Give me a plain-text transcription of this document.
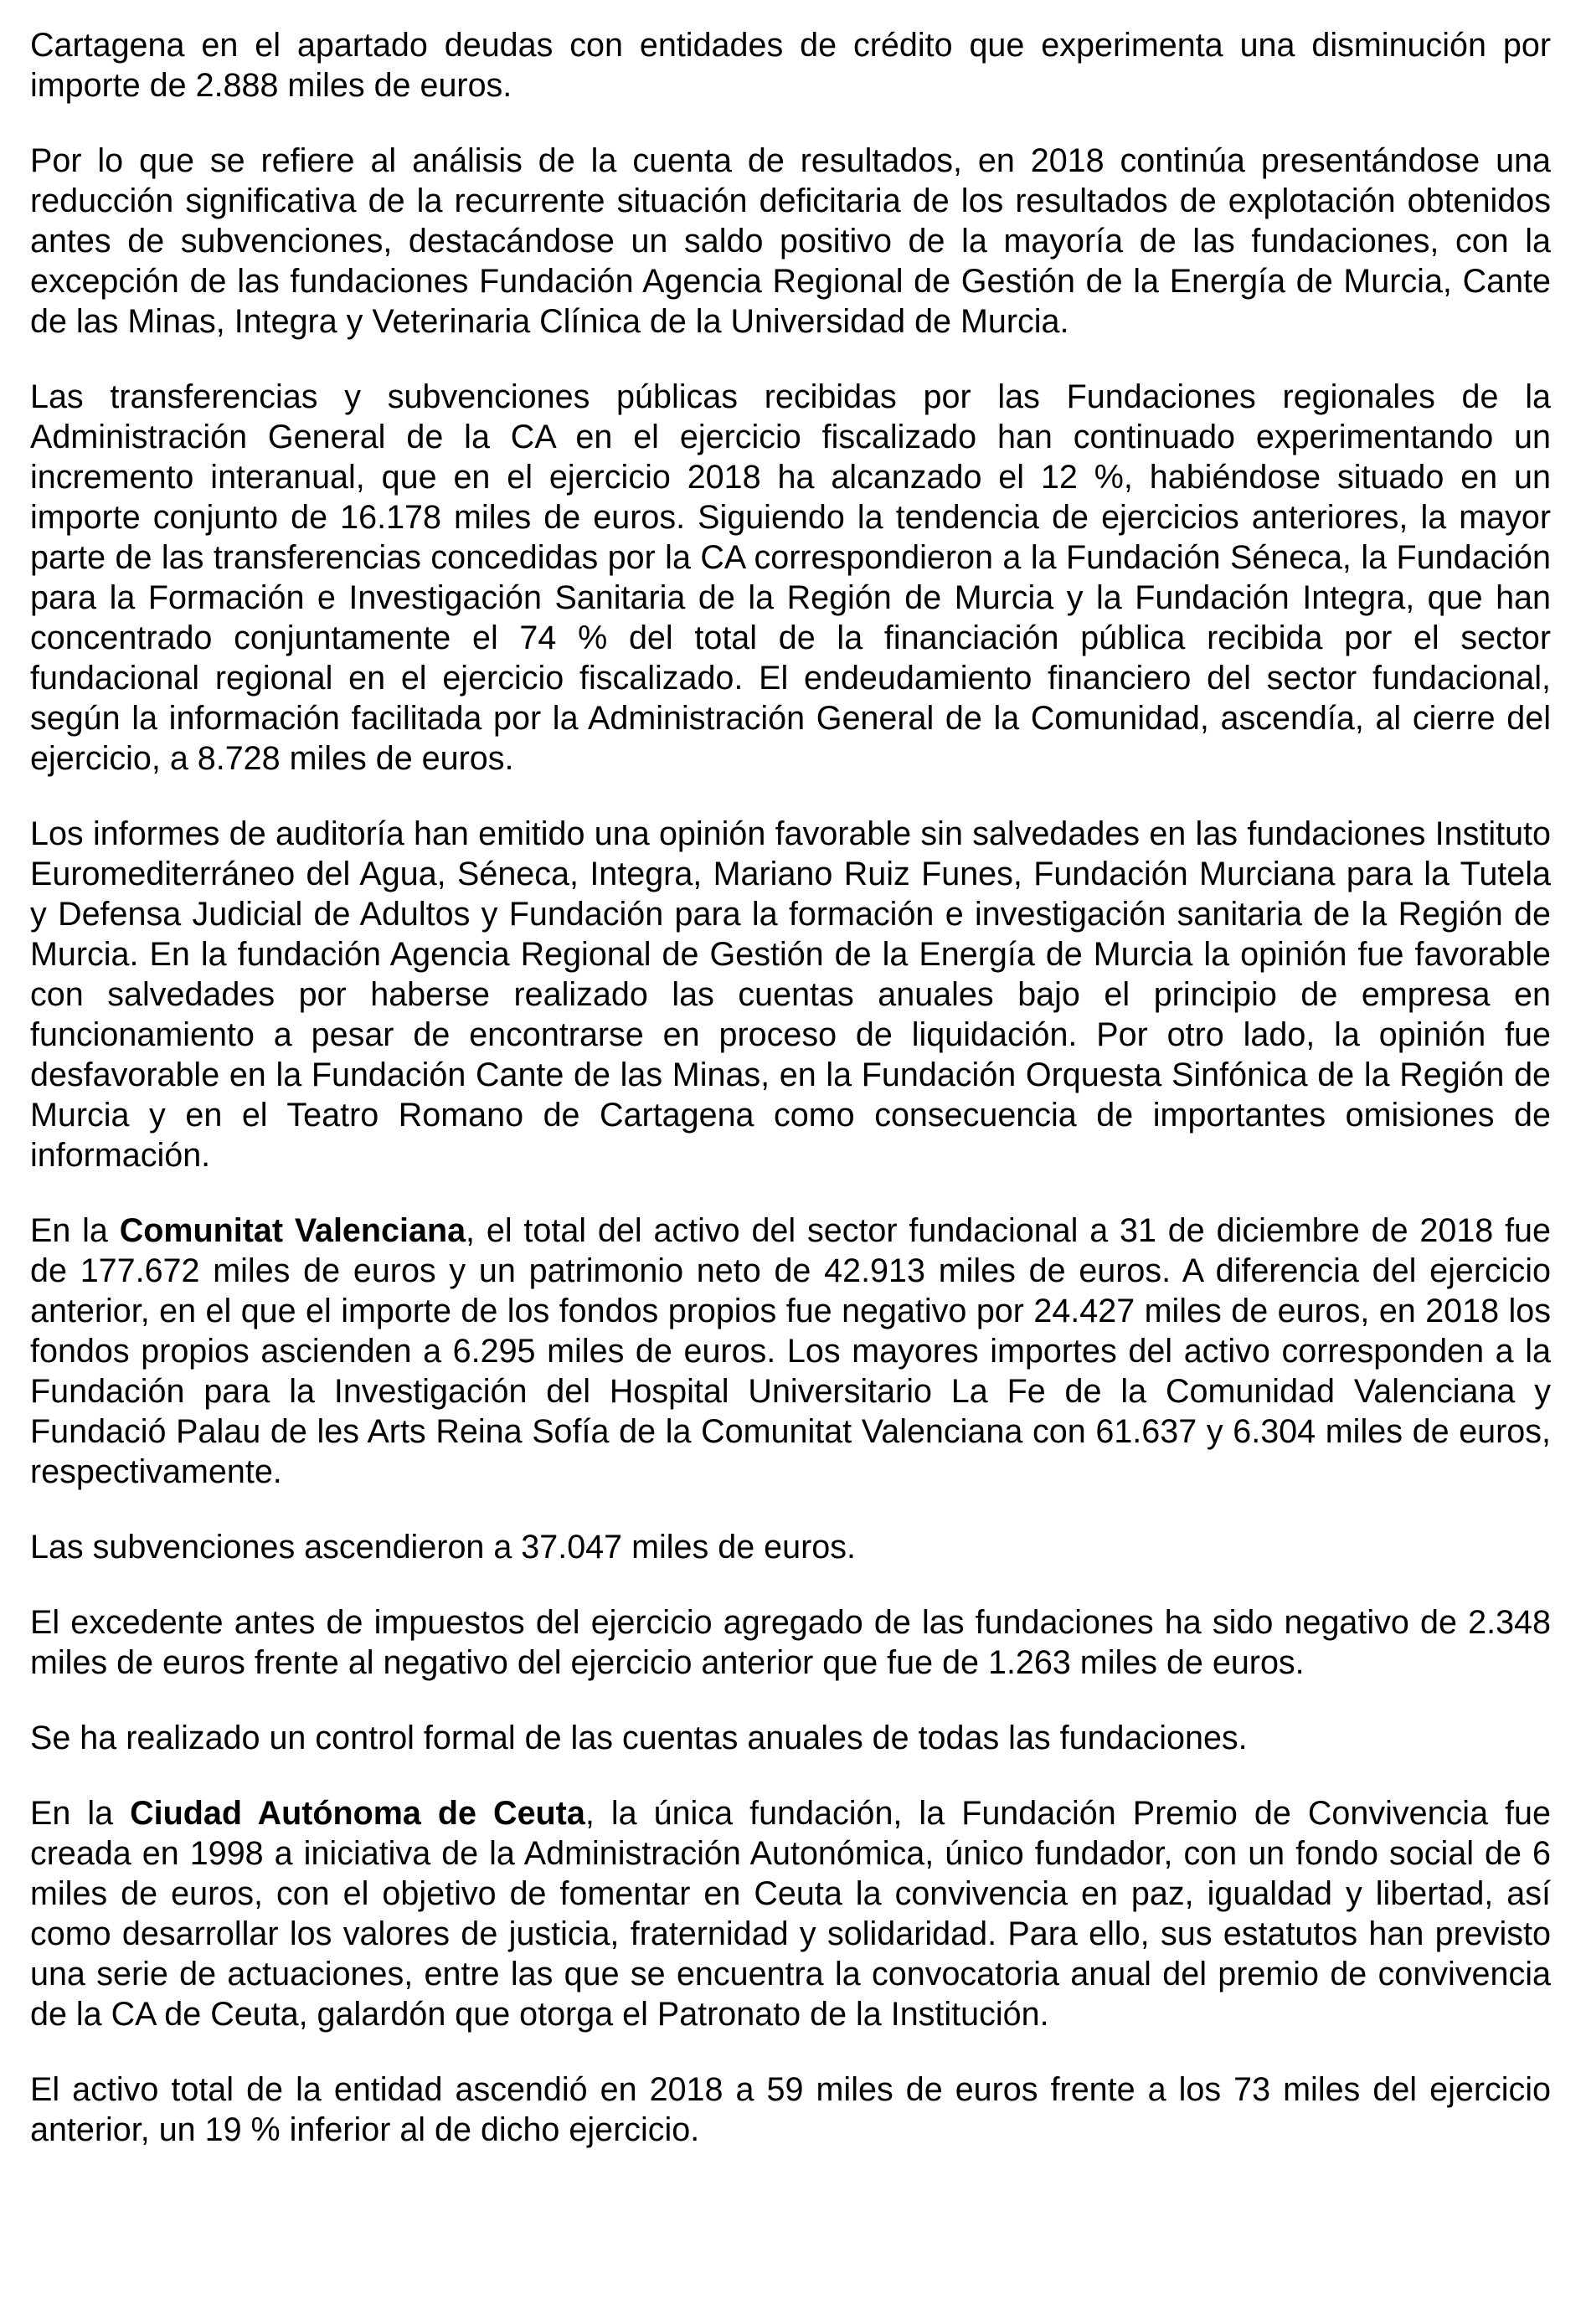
Cartagena en el apartado deudas con entidades de crédito que experimenta una disminución por importe de 2.888 miles de euros.

Por lo que se refiere al análisis de la cuenta de resultados, en 2018 continúa presentándose una reducción significativa de la recurrente situación deficitaria de los resultados de explotación obtenidos antes de subvenciones, destacándose un saldo positivo de la mayoría de las fundaciones, con la excepción de las fundaciones Fundación Agencia Regional de Gestión de la Energía de Murcia, Cante de las Minas, Integra y Veterinaria Clínica de la Universidad de Murcia.

Las transferencias y subvenciones públicas recibidas por las Fundaciones regionales de la Administración General de la CA en el ejercicio fiscalizado han continuado experimentando un incremento interanual, que en el ejercicio 2018 ha alcanzado el 12 %, habiéndose situado en un importe conjunto de 16.178 miles de euros. Siguiendo la tendencia de ejercicios anteriores, la mayor parte de las transferencias concedidas por la CA correspondieron a la Fundación Séneca, la Fundación para la Formación e Investigación Sanitaria de la Región de Murcia y la Fundación Integra, que han concentrado conjuntamente el 74 % del total de la financiación pública recibida por el sector fundacional regional en el ejercicio fiscalizado. El endeudamiento financiero del sector fundacional, según la información facilitada por la Administración General de la Comunidad, ascendía, al cierre del ejercicio, a 8.728 miles de euros.

Los informes de auditoría han emitido una opinión favorable sin salvedades en las fundaciones Instituto Euromediterráneo del Agua, Séneca, Integra, Mariano Ruiz Funes, Fundación Murciana para la Tutela y Defensa Judicial de Adultos y Fundación para la formación e investigación sanitaria de la Región de Murcia. En la fundación Agencia Regional de Gestión de la Energía de Murcia la opinión fue favorable con salvedades por haberse realizado las cuentas anuales bajo el principio de empresa en funcionamiento a pesar de encontrarse en proceso de liquidación. Por otro lado, la opinión fue desfavorable en la Fundación Cante de las Minas, en la Fundación Orquesta Sinfónica de la Región de Murcia y en el Teatro Romano de Cartagena como consecuencia de importantes omisiones de información.

En la Comunitat Valenciana, el total del activo del sector fundacional a 31 de diciembre de 2018 fue de 177.672 miles de euros y un patrimonio neto de 42.913 miles de euros. A diferencia del ejercicio anterior, en el que el importe de los fondos propios fue negativo por 24.427 miles de euros, en 2018 los fondos propios ascienden a 6.295 miles de euros. Los mayores importes del activo corresponden a la Fundación para la Investigación del Hospital Universitario La Fe de la Comunidad Valenciana y Fundació Palau de les Arts Reina Sofía de la Comunitat Valenciana con 61.637 y 6.304 miles de euros, respectivamente.

Las subvenciones ascendieron a 37.047 miles de euros.

El excedente antes de impuestos del ejercicio agregado de las fundaciones ha sido negativo de 2.348 miles de euros frente al negativo del ejercicio anterior que fue de 1.263 miles de euros.

Se ha realizado un control formal de las cuentas anuales de todas las fundaciones.

En la Ciudad Autónoma de Ceuta, la única fundación, la Fundación Premio de Convivencia fue creada en 1998 a iniciativa de la Administración Autonómica, único fundador, con un fondo social de 6 miles de euros, con el objetivo de fomentar en Ceuta la convivencia en paz, igualdad y libertad, así como desarrollar los valores de justicia, fraternidad y solidaridad. Para ello, sus estatutos han previsto una serie de actuaciones, entre las que se encuentra la convocatoria anual del premio de convivencia de la CA de Ceuta, galardón que otorga el Patronato de la Institución.

El activo total de la entidad ascendió en 2018 a 59 miles de euros frente a los 73 miles del ejercicio anterior, un 19 % inferior al de dicho ejercicio.
